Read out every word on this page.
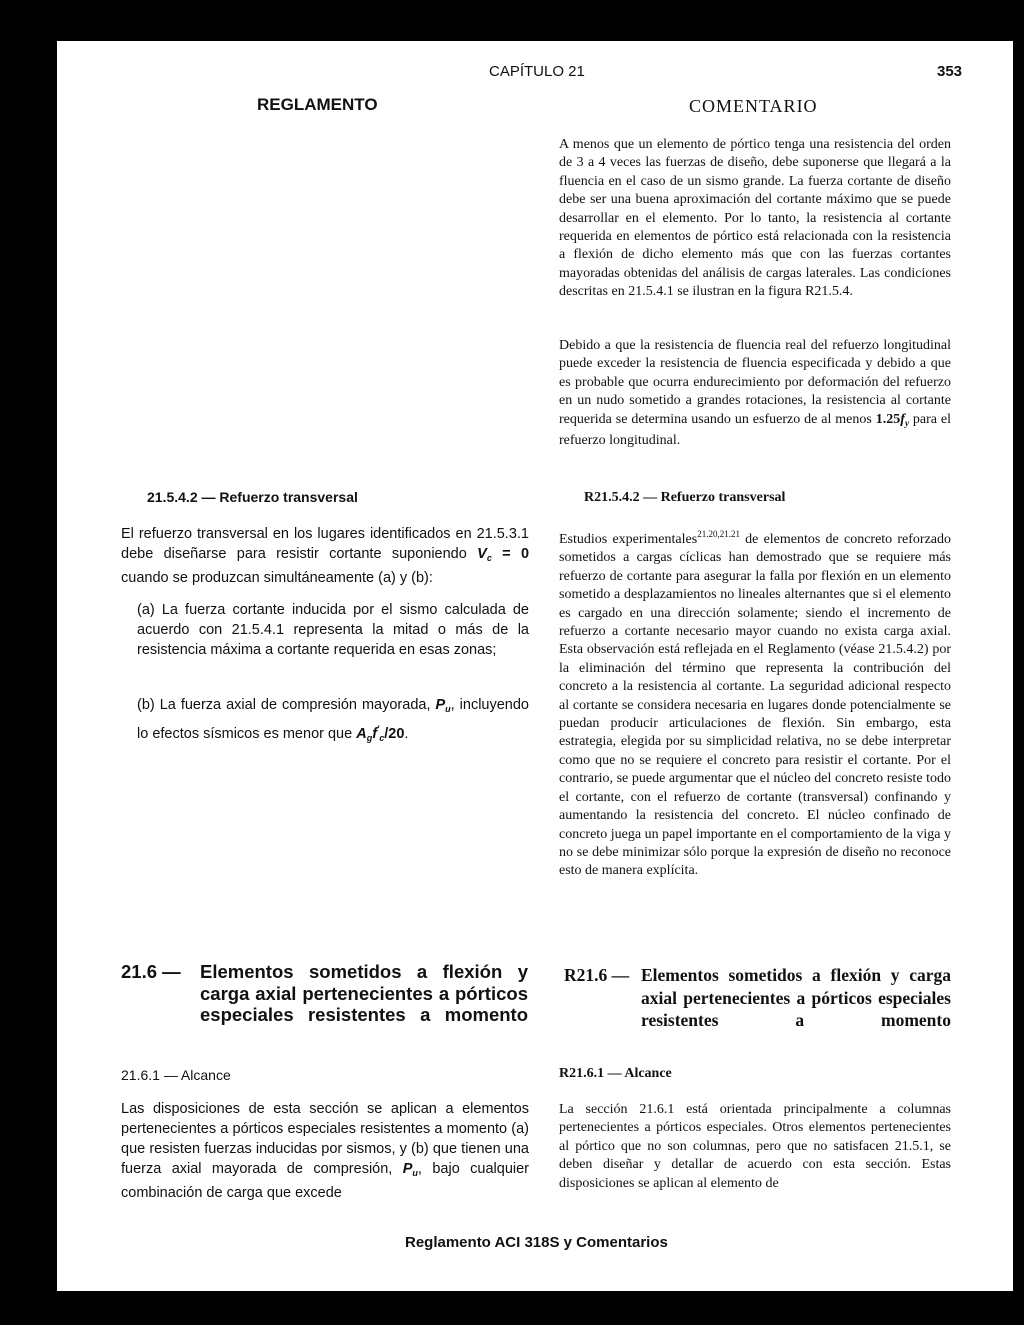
CAPÍTULO 21	353
REGLAMENTO	COMENTARIO
A menos que un elemento de pórtico tenga una resistencia del orden de 3 a 4 veces las fuerzas de diseño, debe suponerse que llegará a la fluencia en el caso de un sismo grande. La fuerza cortante de diseño debe ser una buena aproximación del cortante máximo que se puede desarrollar en el elemento. Por lo tanto, la resistencia al cortante requerida en elementos de pórtico está relacionada con la resistencia a flexión de dicho elemento más que con las fuerzas cortantes mayoradas obtenidas del análisis de cargas laterales. Las condiciones descritas en 21.5.4.1 se ilustran en la figura R21.5.4.
Debido a que la resistencia de fluencia real del refuerzo longitudinal puede exceder la resistencia de fluencia especificada y debido a que es probable que ocurra endurecimiento por deformación del refuerzo en un nudo sometido a grandes rotaciones, la resistencia al cortante requerida se determina usando un esfuerzo de al menos $1.25f_y$ para el refuerzo longitudinal.
21.5.4.2 — Refuerzo transversal
El refuerzo transversal en los lugares identificados en 21.5.3.1 debe diseñarse para resistir cortante suponiendo $V_c = 0$ cuando se produzcan simultáneamente (a) y (b):
(a) La fuerza cortante inducida por el sismo calculada de acuerdo con 21.5.4.1 representa la mitad o más de la resistencia máxima a cortante requerida en esas zonas;
(b) La fuerza axial de compresión mayorada, $P_u$, incluyendo lo efectos sísmicos es menor que $A_gf'_c/20$.
R21.5.4.2 — Refuerzo transversal
Estudios experimentales$^{21.20,21.21}$ de elementos de concreto reforzado sometidos a cargas cíclicas han demostrado que se requiere más refuerzo de cortante para asegurar la falla por flexión en un elemento sometido a desplazamientos no lineales alternantes que si el elemento es cargado en una dirección solamente; siendo el incremento de refuerzo a cortante necesario mayor cuando no exista carga axial. Esta observación está reflejada en el Reglamento (véase 21.5.4.2) por la eliminación del término que representa la contribución del concreto a la resistencia al cortante. La seguridad adicional respecto al cortante se considera necesaria en lugares donde potencialmente se puedan producir articulaciones de flexión. Sin embargo, esta estrategia, elegida por su simplicidad relativa, no se debe interpretar como que no se requiere el concreto para resistir el cortante. Por el contrario, se puede argumentar que el núcleo del concreto resiste todo el cortante, con el refuerzo de cortante (transversal) confinando y aumentando la resistencia del concreto. El núcleo confinado de concreto juega un papel importante en el comportamiento de la viga y no se debe minimizar sólo porque la expresión de diseño no reconoce esto de manera explícita.
21.6 — Elementos sometidos a flexión y carga axial pertenecientes a pórticos especiales resistentes a momento
21.6.1 — Alcance
Las disposiciones de esta sección se aplican a elementos pertenecientes a pórticos especiales resistentes a momento (a) que resisten fuerzas inducidas por sismos, y (b) que tienen una fuerza axial mayorada de compresión, $P_u$, bajo cualquier combinación de carga que excede
R21.6 — Elementos sometidos a flexión y carga axial pertenecientes a pórticos especiales resistentes a momento
R21.6.1 — Alcance
La sección 21.6.1 está orientada principalmente a columnas pertenecientes a pórticos especiales. Otros elementos pertenecientes al pórtico que no son columnas, pero que no satisfacen 21.5.1, se deben diseñar y detallar de acuerdo con esta sección. Estas disposiciones se aplican al elemento de
Reglamento ACI 318S y Comentarios
